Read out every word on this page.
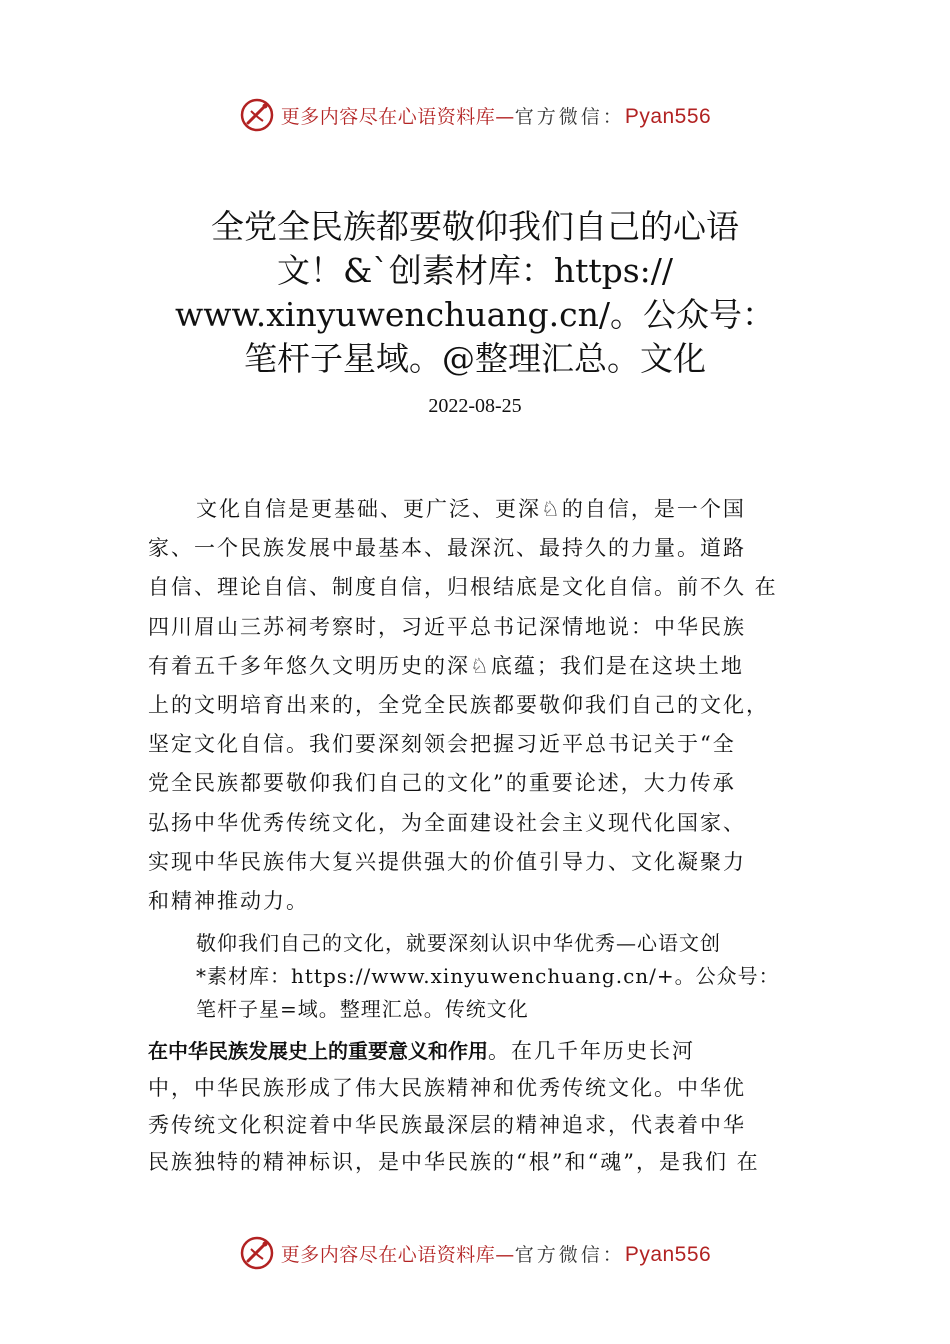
更多内容尽在心语资料库—官方微信：Pyan556
全党全民族都要敬仰我们自己的心语
文！&`创素材库：https://
www.xinyuwenchuang.cn/。公众号：
笔杆子星域。@整理汇总。文化
2022-08-25
文化自信是更基础、更广泛、更深♘的自信，是一个国
家、一个民族发展中最基本、最深沉、最持久的力量。道路
自信、理论自信、制度自信，归根结底是文化自信。前不久 在
四川眉山三苏祠考察时，习近平总书记深情地说：中华民族
有着五千多年悠久文明历史的深♘底蕴；我们是在这块土地
上的文明培育出来的，全党全民族都要敬仰我们自己的文化，
坚定文化自信。我们要深刻领会把握习近平总书记关于“全
党全民族都要敬仰我们自己的文化”的重要论述，大力传承
弘扬中华优秀传统文化，为全面建设社会主义现代化国家、
实现中华民族伟大复兴提供强大的价值引导力、文化凝聚力
和精神推动力。
敬仰我们自己的文化，就要深刻认识中华优秀—心语文创
*素材库：https://www.xinyuwenchuang.cn/+。公众号：
笔杆子星=域。整理汇总。传统文化
在中华民族发展史上的重要意义和作用。在几千年历史长河
中，中华民族形成了伟大民族精神和优秀传统文化。中华优
秀传统文化积淀着中华民族最深层的精神追求，代表着中华
民族独特的精神标识，是中华民族的“根”和“魂”，是我们 在
更多内容尽在心语资料库—官方微信：Pyan556
